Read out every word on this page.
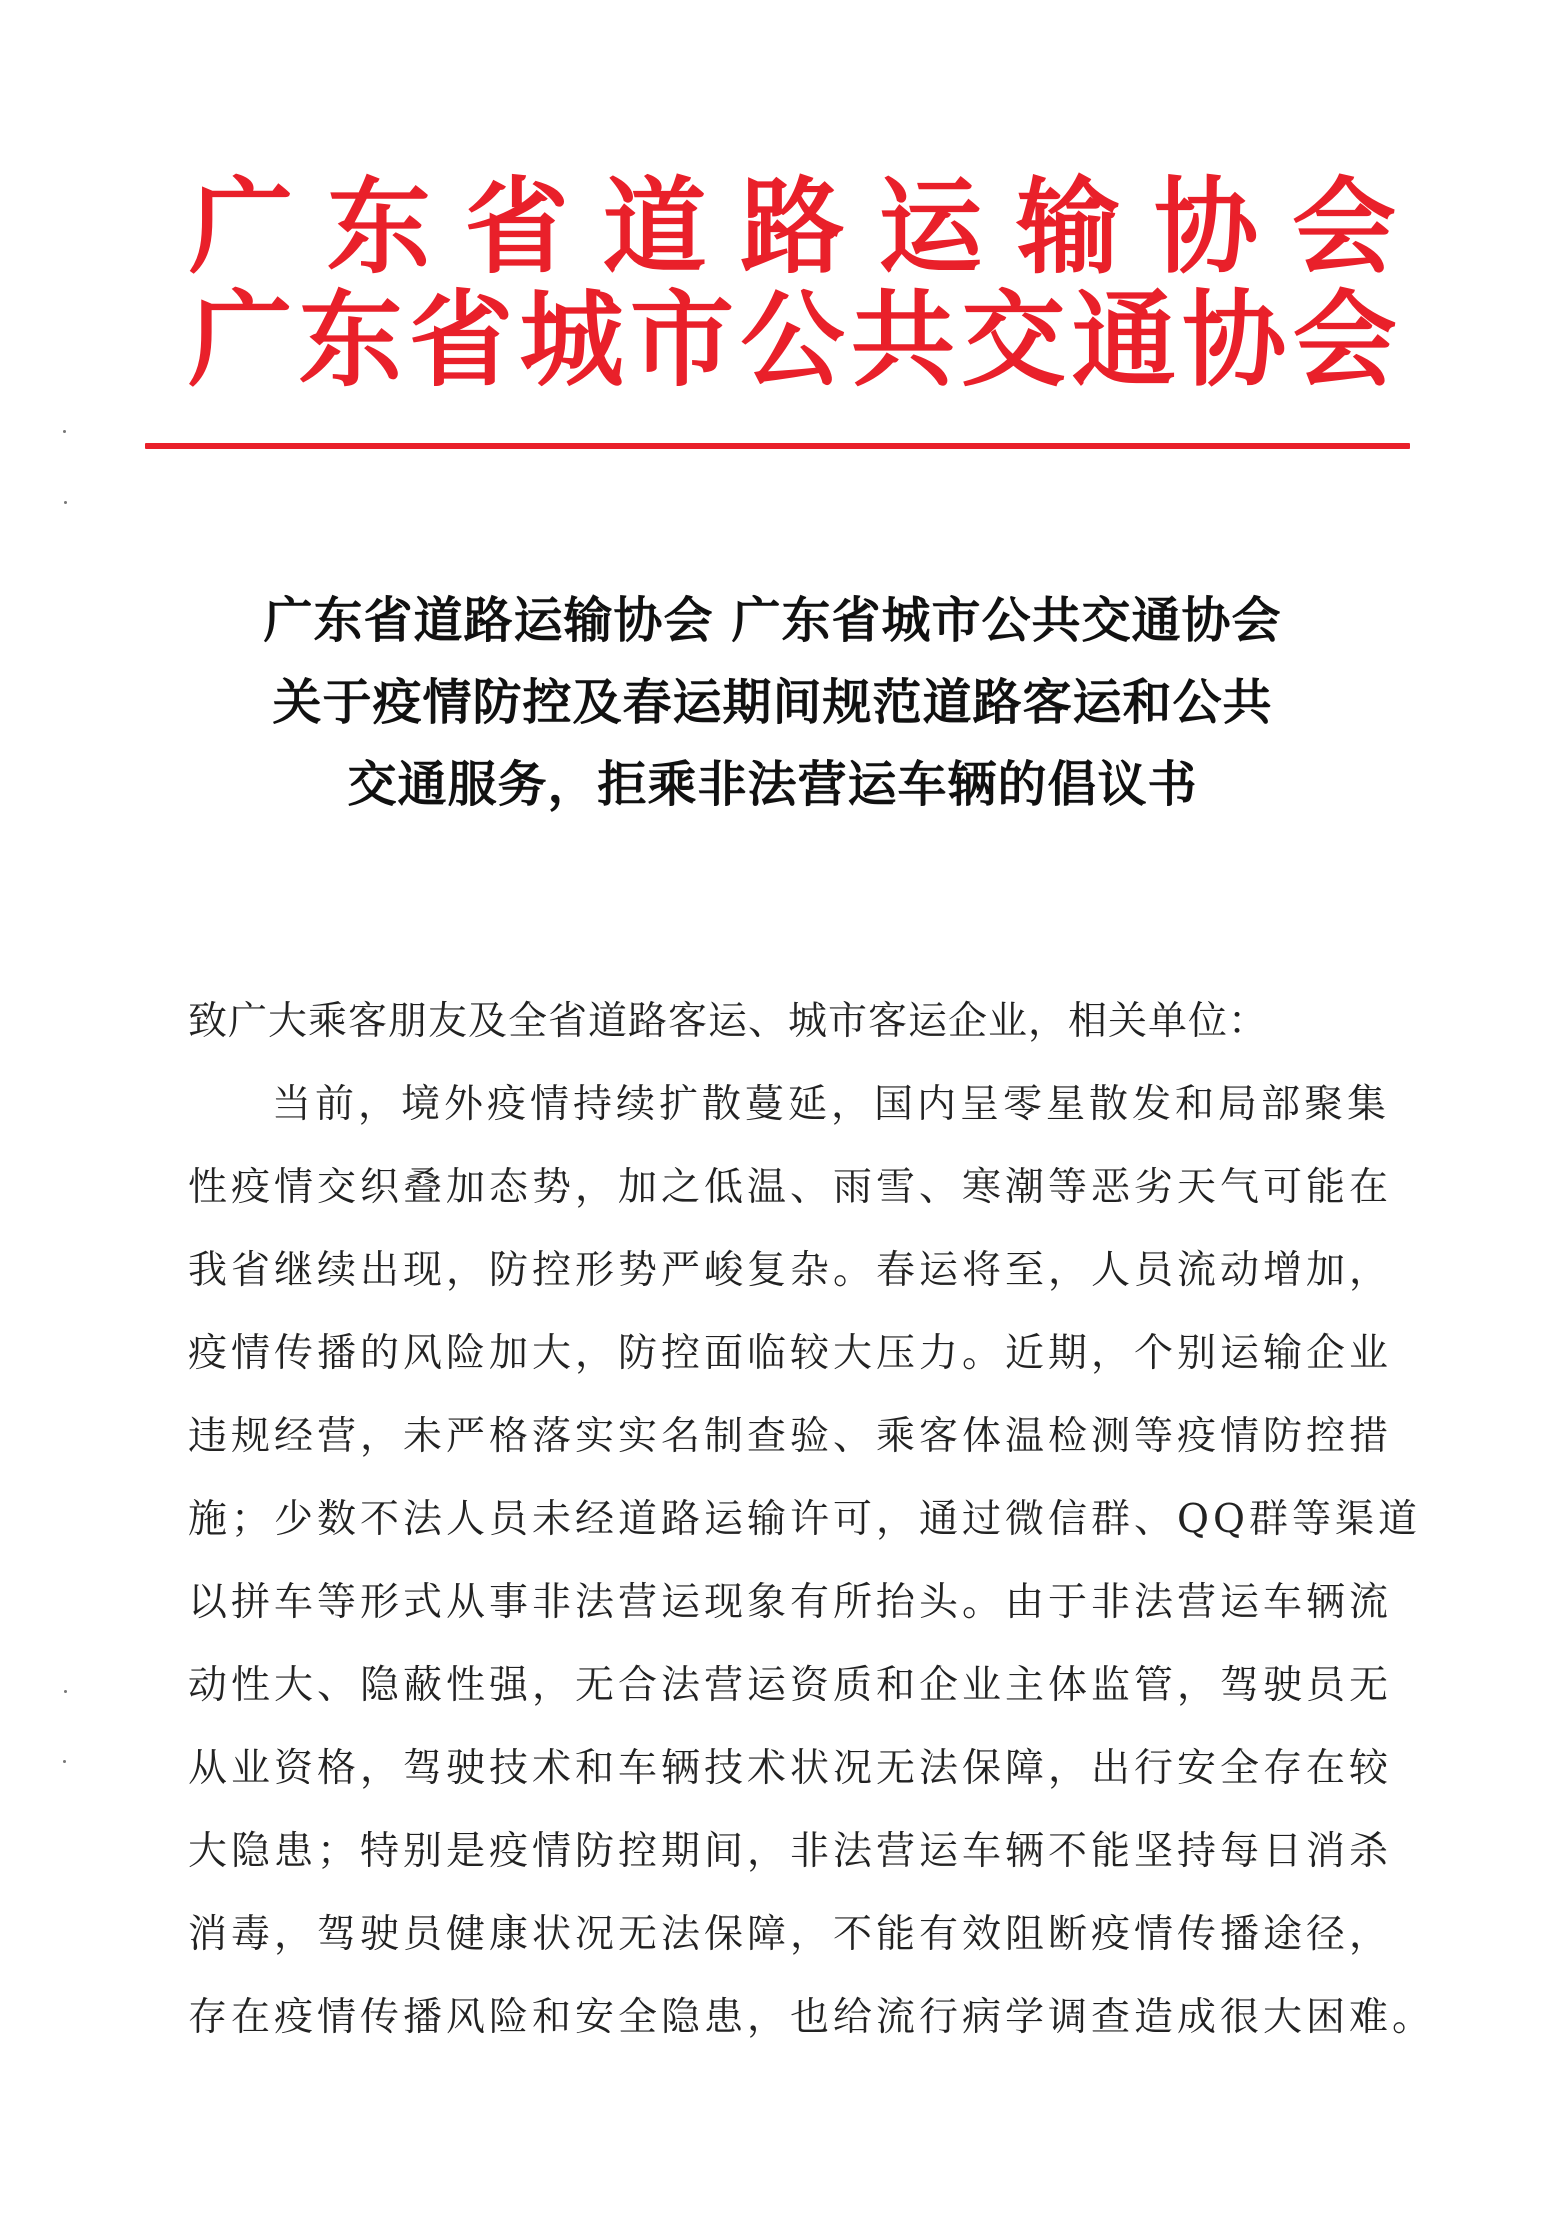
广 东 省 道 路 运 输 协 会
广 东 省 城 市 公 共 交 通 协 会
广东省道路运输协会 广东省城市公共交通协会
关于疫情防控及春运期间规范道路客运和公共
交通服务，拒乘非法营运车辆的倡议书
致广大乘客朋友及全省道路客运、城市客运企业，相关单位：
当前，境外疫情持续扩散蔓延，国内呈零星散发和局部聚集
性疫情交织叠加态势，加之低温、雨雪、寒潮等恶劣天气可能在
我省继续出现，防控形势严峻复杂。春运将至，人员流动增加，
疫情传播的风险加大，防控面临较大压力。近期，个别运输企业
违规经营，未严格落实实名制查验、乘客体温检测等疫情防控措
施；少数不法人员未经道路运输许可，通过微信群、QQ群等渠道
以拼车等形式从事非法营运现象有所抬头。由于非法营运车辆流
动性大、隐蔽性强，无合法营运资质和企业主体监管，驾驶员无
从业资格，驾驶技术和车辆技术状况无法保障，出行安全存在较
大隐患；特别是疫情防控期间，非法营运车辆不能坚持每日消杀
消毒，驾驶员健康状况无法保障，不能有效阻断疫情传播途径，
存在疫情传播风险和安全隐患，也给流行病学调查造成很大困难。
